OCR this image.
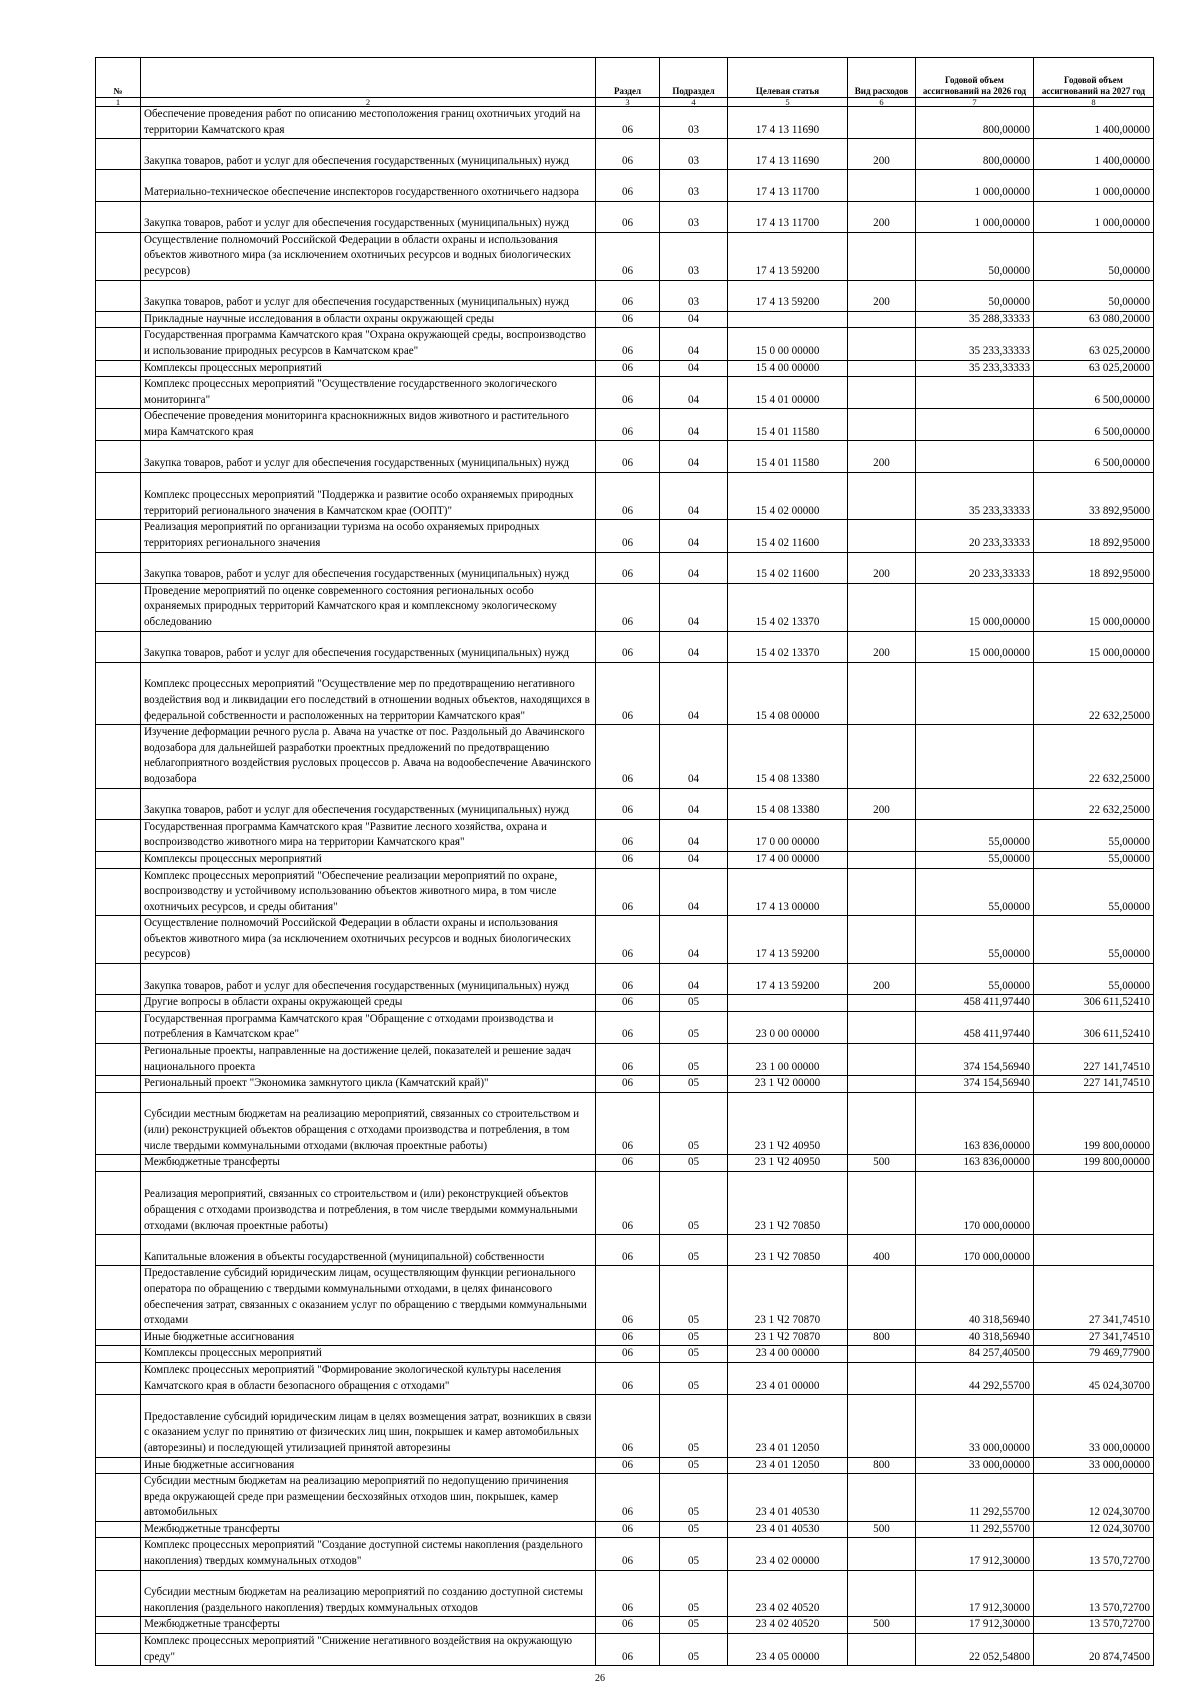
№		Раздел	Подраздел	Целевая статья	Вид расходов	Годовой объем ассигнований на 2026 год	Годовой объем ассигнований на 2027 год
1	2	3	4	5	6	7	8
	Обеспечение проведения работ по описанию местоположения границ охотничьих угодий на территории Камчатского края	06	03	17 4 13 11690		800,00000	1 400,00000
	Закупка товаров, работ и услуг для обеспечения государственных (муниципальных) нужд	06	03	17 4 13 11690	200	800,00000	1 400,00000
	Материально-техническое обеспечение инспекторов государственного охотничьего надзора	06	03	17 4 13 11700		1 000,00000	1 000,00000
	Закупка товаров, работ и услуг для обеспечения государственных (муниципальных) нужд	06	03	17 4 13 11700	200	1 000,00000	1 000,00000
	Осуществление полномочий Российской Федерации в области охраны и использования объектов животного мира (за исключением охотничьих ресурсов и водных биологических ресурсов)	06	03	17 4 13 59200		50,00000	50,00000
	Закупка товаров, работ и услуг для обеспечения государственных (муниципальных) нужд	06	03	17 4 13 59200	200	50,00000	50,00000
	Прикладные научные исследования в области охраны окружающей среды	06	04			35 288,33333	63 080,20000
	Государственная программа Камчатского края "Охрана окружающей среды, воспроизводство и использование природных ресурсов в Камчатском крае"	06	04	15 0 00 00000		35 233,33333	63 025,20000
	Комплексы процессных мероприятий	06	04	15 4 00 00000		35 233,33333	63 025,20000
	Комплекс процессных мероприятий "Осуществление государственного экологического мониторинга"	06	04	15 4 01 00000			6 500,00000
	Обеспечение проведения мониторинга краснокнижных видов животного и растительного мира Камчатского края	06	04	15 4 01 11580			6 500,00000
	Закупка товаров, работ и услуг для обеспечения государственных (муниципальных) нужд	06	04	15 4 01 11580	200		6 500,00000
	Комплекс процессных мероприятий "Поддержка и развитие особо охраняемых природных территорий регионального значения в Камчатском крае (ООПТ)"	06	04	15 4 02 00000		35 233,33333	33 892,95000
	Реализация мероприятий по организации туризма на особо охраняемых природных территориях регионального значения	06	04	15 4 02 11600		20 233,33333	18 892,95000
	Закупка товаров, работ и услуг для обеспечения государственных (муниципальных) нужд	06	04	15 4 02 11600	200	20 233,33333	18 892,95000
	Проведение мероприятий по оценке современного состояния региональных особо охраняемых природных территорий Камчатского края и комплексному экологическому обследованию	06	04	15 4 02 13370		15 000,00000	15 000,00000
	Закупка товаров, работ и услуг для обеспечения государственных (муниципальных) нужд	06	04	15 4 02 13370	200	15 000,00000	15 000,00000
	Комплекс процессных мероприятий "Осуществление мер по предотвращению негативного воздействия вод и ликвидации его последствий в отношении водных объектов, находящихся в федеральной собственности и расположенных на территории Камчатского края"	06	04	15 4 08 00000			22 632,25000
	Изучение деформации речного русла р. Авача на участке от пос. Раздольный до Авачинского водозабора для дальнейшей разработки проектных предложений по предотвращению неблагоприятного воздействия русловых процессов р. Авача на водообеспечение Авачинского водозабора	06	04	15 4 08 13380			22 632,25000
	Закупка товаров, работ и услуг для обеспечения государственных (муниципальных) нужд	06	04	15 4 08 13380	200		22 632,25000
	Государственная программа Камчатского края "Развитие лесного хозяйства, охрана и воспроизводство животного мира на территории Камчатского края"	06	04	17 0 00 00000		55,00000	55,00000
	Комплексы процессных мероприятий	06	04	17 4 00 00000		55,00000	55,00000
	Комплекс процессных мероприятий "Обеспечение реализации мероприятий по охране, воспроизводству и устойчивому использованию объектов животного мира, в том числе охотничьих ресурсов, и среды обитания"	06	04	17 4 13 00000		55,00000	55,00000
	Осуществление полномочий Российской Федерации в области охраны и использования объектов животного мира (за исключением охотничьих ресурсов и водных биологических ресурсов)	06	04	17 4 13 59200		55,00000	55,00000
	Закупка товаров, работ и услуг для обеспечения государственных (муниципальных) нужд	06	04	17 4 13 59200	200	55,00000	55,00000
	Другие вопросы в области охраны окружающей среды	06	05			458 411,97440	306 611,52410
	Государственная программа Камчатского края "Обращение с отходами производства и потребления в Камчатском крае"	06	05	23 0 00 00000		458 411,97440	306 611,52410
	Региональные проекты, направленные на достижение целей, показателей и решение задач национального проекта	06	05	23 1 00 00000		374 154,56940	227 141,74510
	Региональный проект "Экономика замкнутого цикла (Камчатский край)"	06	05	23 1 Ч2 00000		374 154,56940	227 141,74510
	Субсидии местным бюджетам на реализацию мероприятий, связанных со строительством и (или) реконструкцией объектов обращения с отходами производства и потребления, в том числе твердыми коммунальными отходами (включая проектные работы)	06	05	23 1 Ч2 40950		163 836,00000	199 800,00000
	Межбюджетные трансферты	06	05	23 1 Ч2 40950	500	163 836,00000	199 800,00000
	Реализация мероприятий, связанных со строительством и (или) реконструкцией объектов обращения с отходами производства и потребления, в том числе твердыми коммунальными отходами (включая проектные работы)	06	05	23 1 Ч2 70850		170 000,00000	
	Капитальные вложения в объекты государственной (муниципальной) собственности	06	05	23 1 Ч2 70850	400	170 000,00000	
	Предоставление субсидий юридическим лицам, осуществляющим функции регионального оператора по обращению с твердыми коммунальными отходами, в целях финансового обеспечения затрат, связанных с оказанием услуг по обращению с твердыми коммунальными отходами	06	05	23 1 Ч2 70870		40 318,56940	27 341,74510
	Иные бюджетные ассигнования	06	05	23 1 Ч2 70870	800	40 318,56940	27 341,74510
	Комплексы процессных мероприятий	06	05	23 4 00 00000		84 257,40500	79 469,77900
	Комплекс процессных мероприятий "Формирование экологической культуры населения Камчатского края в области безопасного обращения с отходами"	06	05	23 4 01 00000		44 292,55700	45 024,30700
	Предоставление субсидий юридическим лицам в целях возмещения затрат, возникших в связи с оказанием услуг по принятию от физических лиц шин, покрышек и камер автомобильных (авторезины) и последующей утилизацией принятой авторезины	06	05	23 4 01 12050		33 000,00000	33 000,00000
	Иные бюджетные ассигнования	06	05	23 4 01 12050	800	33 000,00000	33 000,00000
	Субсидии местным бюджетам на реализацию мероприятий по недопущению причинения вреда окружающей среде при размещении бесхозяйных отходов шин, покрышек, камер автомобильных	06	05	23 4 01 40530		11 292,55700	12 024,30700
	Межбюджетные трансферты	06	05	23 4 01 40530	500	11 292,55700	12 024,30700
	Комплекс процессных мероприятий "Создание доступной системы накопления (раздельного накопления) твердых коммунальных отходов"	06	05	23 4 02 00000		17 912,30000	13 570,72700
	Субсидии местным бюджетам на реализацию мероприятий по созданию доступной системы накопления (раздельного накопления) твердых коммунальных отходов	06	05	23 4 02 40520		17 912,30000	13 570,72700
	Межбюджетные трансферты	06	05	23 4 02 40520	500	17 912,30000	13 570,72700
	Комплекс процессных мероприятий "Снижение негативного воздействия на окружающую среду"	06	05	23 4 05 00000		22 052,54800	20 874,74500
26
